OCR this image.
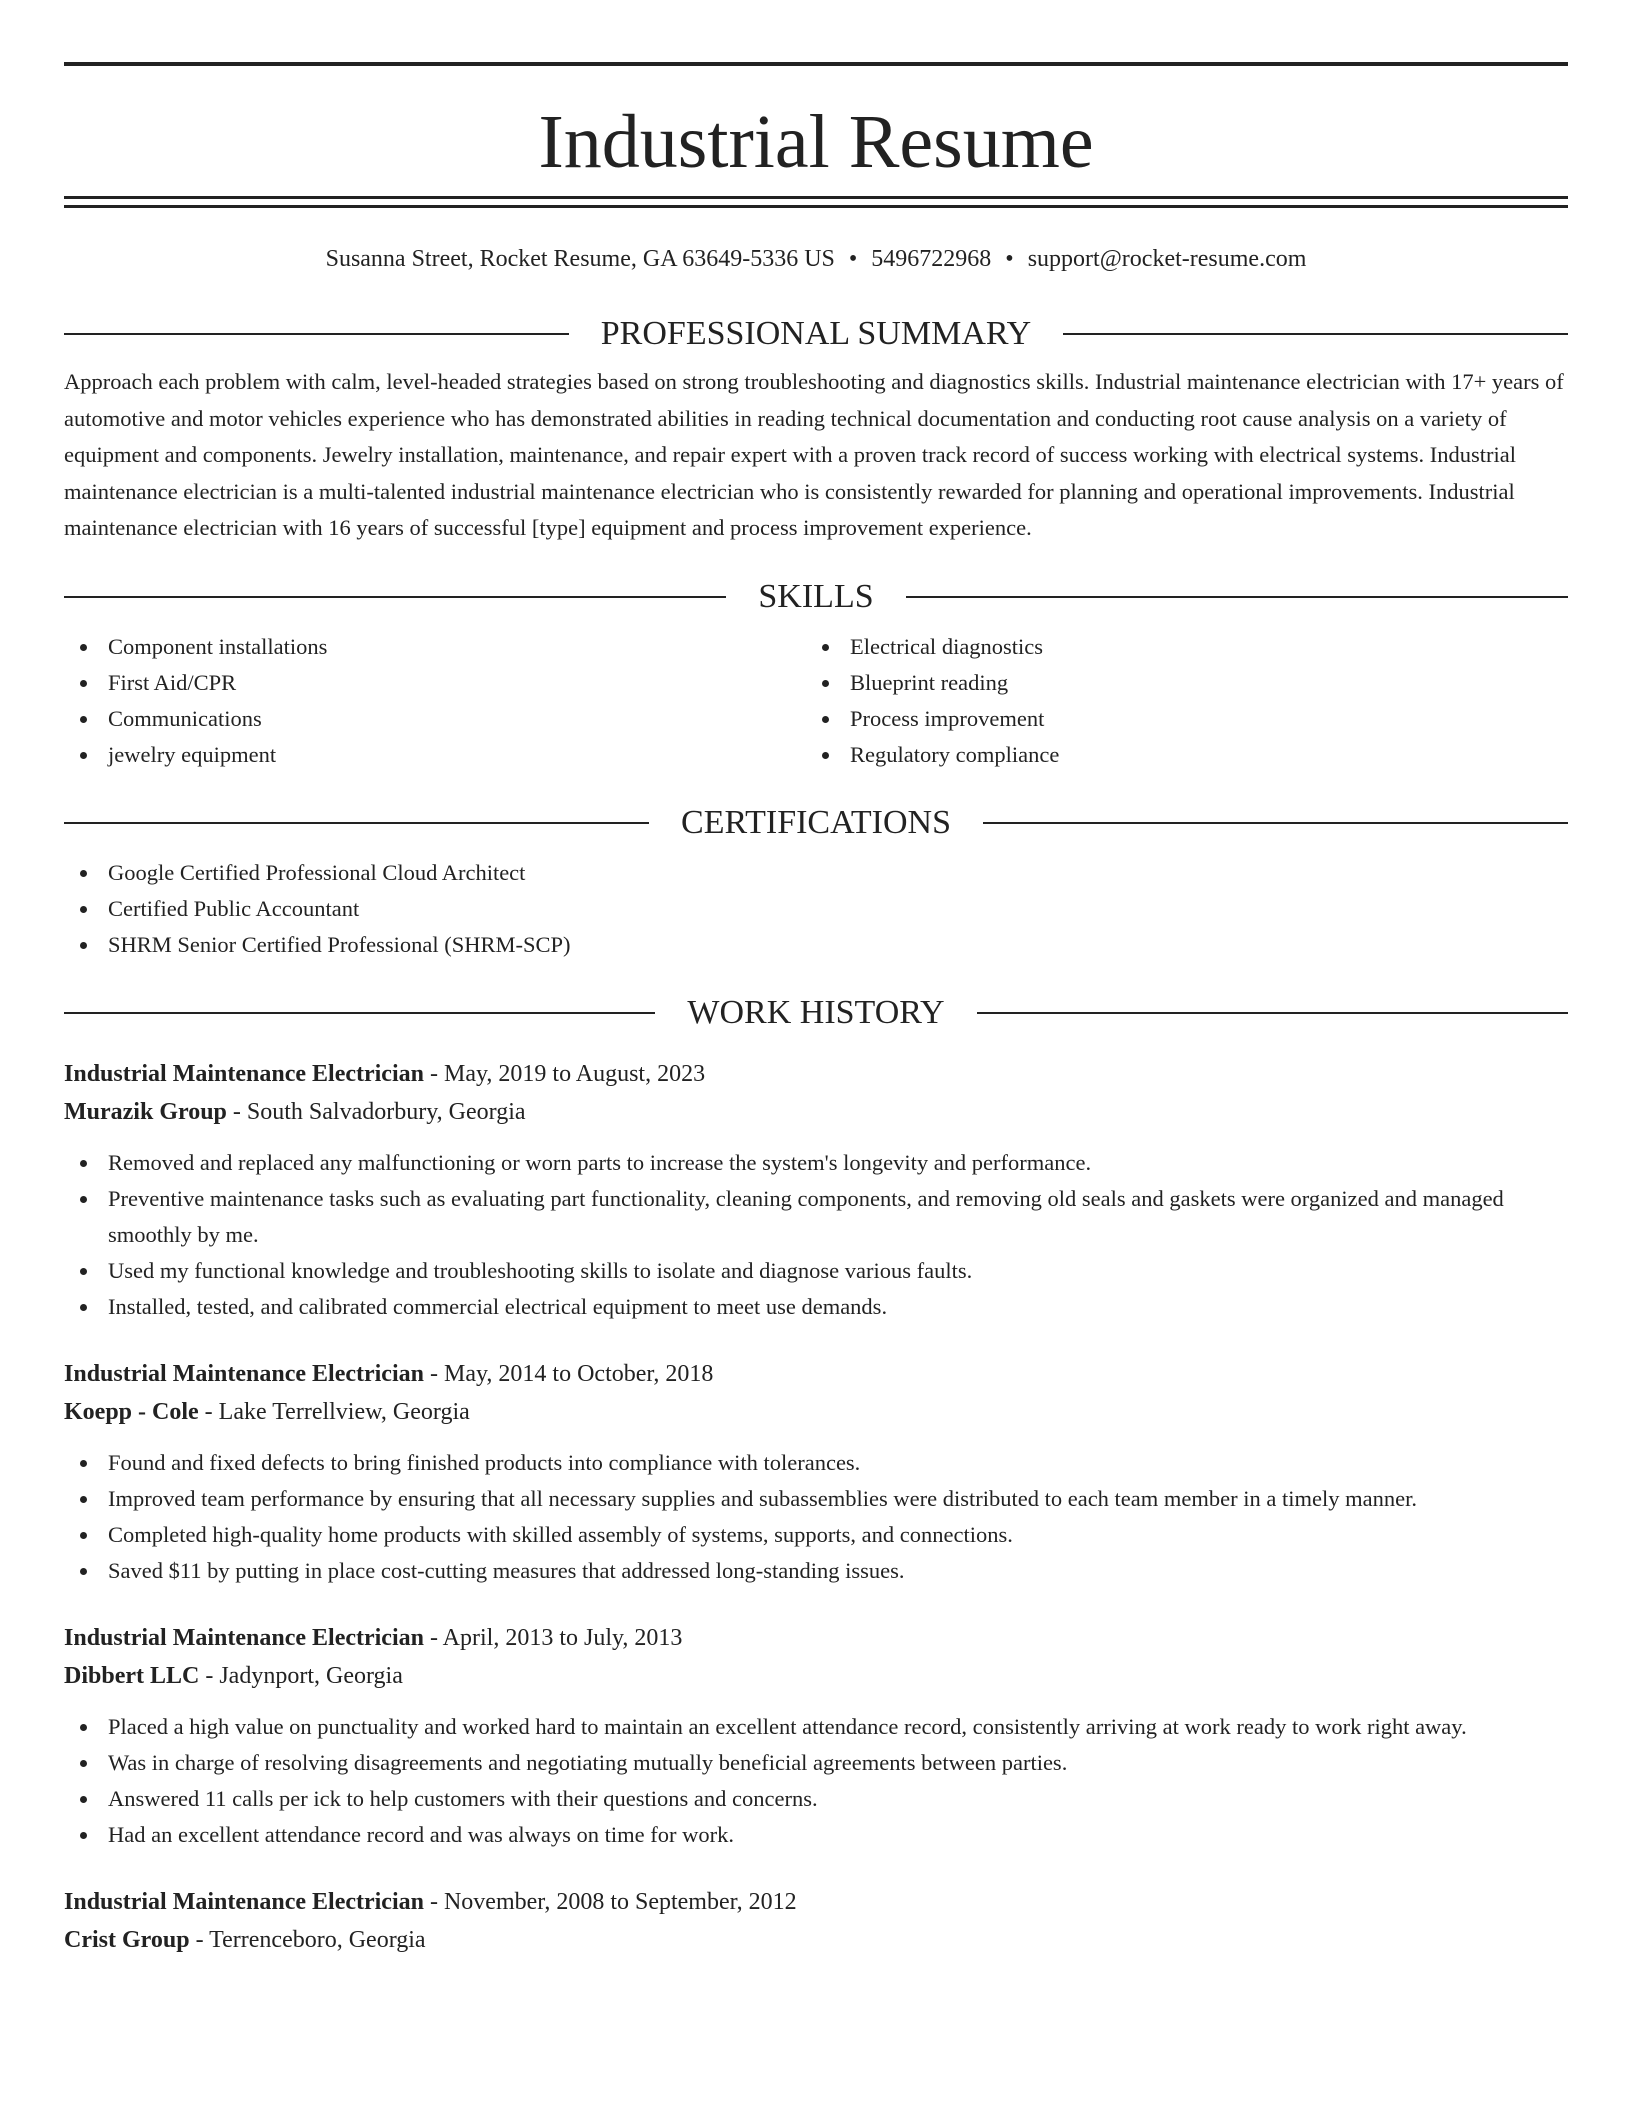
Industrial Resume
Susanna Street, Rocket Resume, GA 63649-5336 US • 5496722968 • support@rocket-resume.com
PROFESSIONAL SUMMARY

Approach each problem with calm, level-headed strategies based on strong troubleshooting and diagnostics skills. Industrial maintenance electrician with 17+ years of automotive and motor vehicles experience who has demonstrated abilities in reading technical documentation and conducting root cause analysis on a variety of equipment and components. Jewelry installation, maintenance, and repair expert with a proven track record of success working with electrical systems. Industrial maintenance electrician is a multi-talented industrial maintenance electrician who is consistently rewarded for planning and operational improvements. Industrial maintenance electrician with 16 years of successful [type] equipment and process improvement experience.

SKILLS
Component installations
First Aid/CPR
Communications
jewelry equipment
Electrical diagnostics
Blueprint reading
Process improvement
Regulatory compliance
CERTIFICATIONS
Google Certified Professional Cloud Architect
Certified Public Accountant
SHRM Senior Certified Professional (SHRM-SCP)
WORK HISTORY
Industrial Maintenance Electrician - May, 2019 to August, 2023
Murazik Group - South Salvadorbury, Georgia
Removed and replaced any malfunctioning or worn parts to increase the system's longevity and performance.
Preventive maintenance tasks such as evaluating part functionality, cleaning components, and removing old seals and gaskets were organized and managed smoothly by me.
Used my functional knowledge and troubleshooting skills to isolate and diagnose various faults.
Installed, tested, and calibrated commercial electrical equipment to meet use demands.
Industrial Maintenance Electrician - May, 2014 to October, 2018
Koepp - Cole - Lake Terrellview, Georgia
Found and fixed defects to bring finished products into compliance with tolerances.
Improved team performance by ensuring that all necessary supplies and subassemblies were distributed to each team member in a timely manner.
Completed high-quality home products with skilled assembly of systems, supports, and connections.
Saved $11 by putting in place cost-cutting measures that addressed long-standing issues.
Industrial Maintenance Electrician - April, 2013 to July, 2013
Dibbert LLC - Jadynport, Georgia
Placed a high value on punctuality and worked hard to maintain an excellent attendance record, consistently arriving at work ready to work right away.
Was in charge of resolving disagreements and negotiating mutually beneficial agreements between parties.
Answered 11 calls per ick to help customers with their questions and concerns.
Had an excellent attendance record and was always on time for work.
Industrial Maintenance Electrician - November, 2008 to September, 2012
Crist Group - Terrenceboro, Georgia
